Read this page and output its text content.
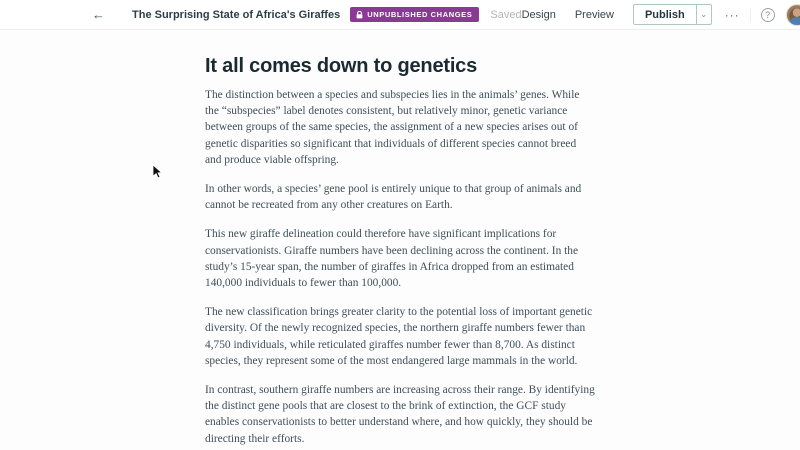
←	The Surprising State of Africa's Giraffes	UNPUBLISHED CHANGES Saved Design Preview	Publish	⌄	···	?
It all comes down to genetics

The distinction between a species and subspecies lies in the animals’ genes. While the “subspecies” label denotes consistent, but relatively minor, genetic variance between groups of the same species, the assignment of a new species arises out of genetic disparities so significant that individuals of different species cannot breed and produce viable offspring.

In other words, a species’ gene pool is entirely unique to that group of animals and cannot be recreated from any other creatures on Earth.

This new giraffe delineation could therefore have significant implications for conservationists. Giraffe numbers have been declining across the continent. In the study’s 15-year span, the number of giraffes in Africa dropped from an estimated 140,000 individuals to fewer than 100,000.

The new classification brings greater clarity to the potential loss of important genetic diversity. Of the newly recognized species, the northern giraffe numbers fewer than 4,750 individuals, while reticulated giraffes number fewer than 8,700. As distinct species, they represent some of the most endangered large mammals in the world.

In contrast, southern giraffe numbers are increasing across their range. By identifying the distinct gene pools that are closest to the brink of extinction, the GCF study enables conservationists to better understand where, and how quickly, they should be directing their efforts.
